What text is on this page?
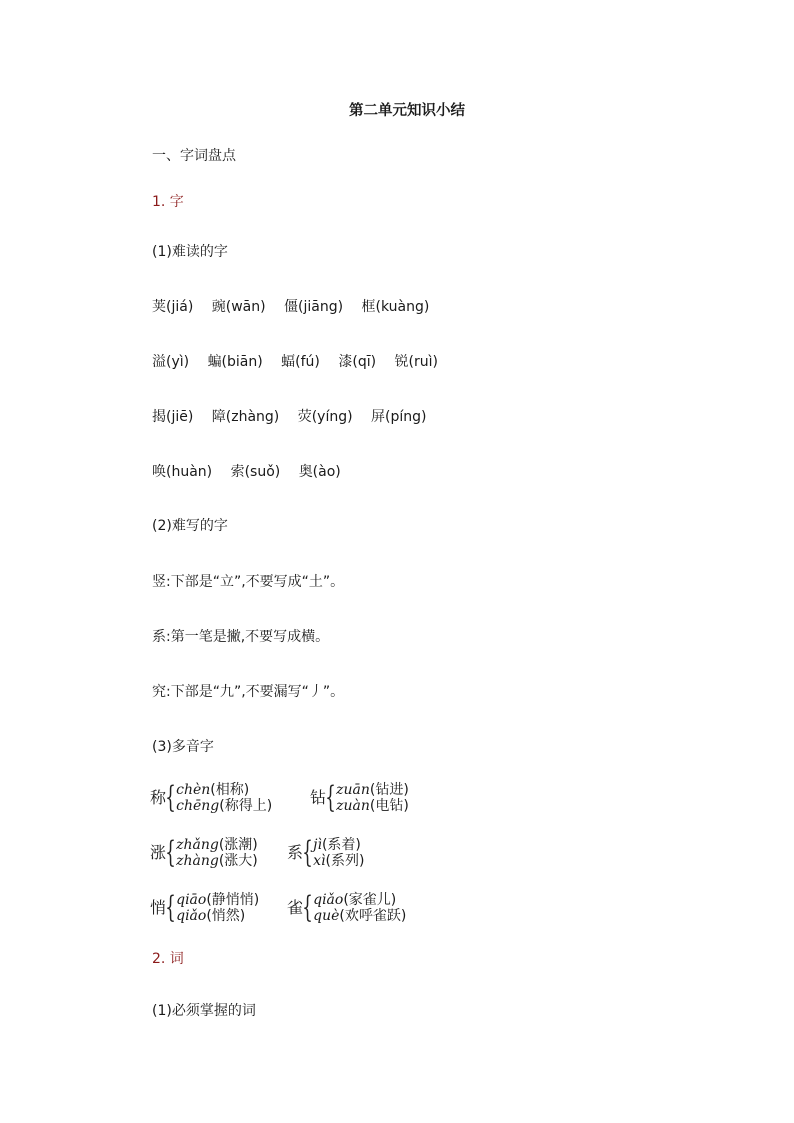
第二单元知识小结
一、字词盘点
1. 字
(1)难读的字
荚(jiá) 豌(wān) 僵(jiāng) 框(kuàng)
溢(yì) 蝙(biān) 蝠(fú) 漆(qī) 锐(ruì)
揭(jiē) 障(zhàng) 荧(yíng) 屏(píng)
唤(huàn) 索(suǒ) 奥(ào)
(2)难写的字
竖:下部是“立”,不要写成“土”。
系:第一笔是撇,不要写成横。
究:下部是“九”,不要漏写“丿”。
(3)多音字
称 { chèn(相称)
chēng(称得上) 钻 { zuān(钻进)
zuàn(电钻)
涨 { zhǎng(涨潮)
zhàng(涨大) 系 { jì(系着)
xì(系列)
悄 { qiāo(静悄悄)
qiǎo(悄然)	雀 { qiǎo(家雀儿)
què(欢呼雀跃)
2. 词
(1)必须掌握的词
